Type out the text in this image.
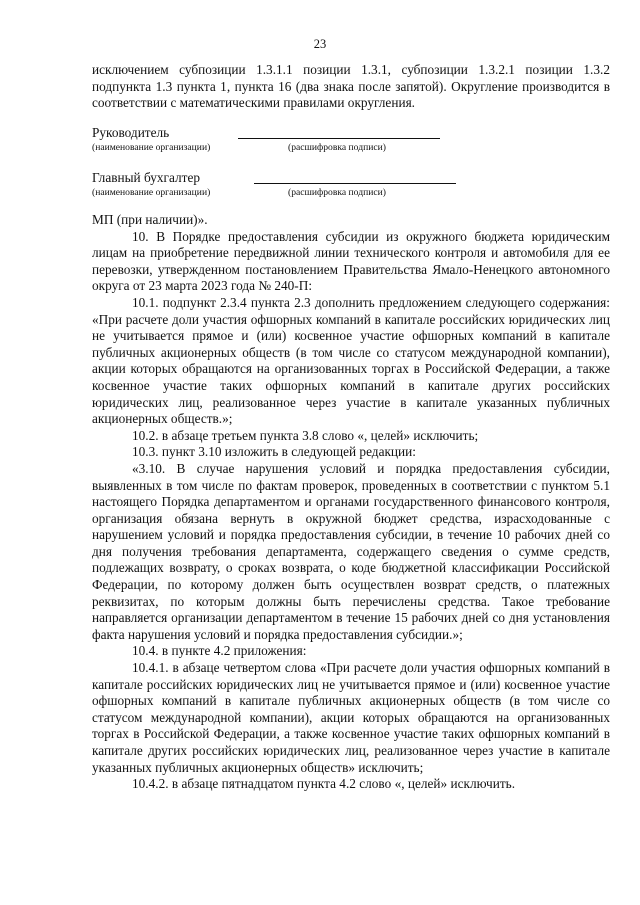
23

исключением субпозиции 1.3.1.1 позиции 1.3.1, субпозиции 1.3.2.1 позиции 1.3.2 подпункта 1.3 пункта 1, пункта 16 (два знака после запятой). Округление производится в соответствии с математическими правилами округления.

Руководитель
(наименование организации)	(расшифровка подписи)
Главный бухгалтер
(наименование организации)	(расшифровка подписи)

МП (при наличии)».

10. В Порядке предоставления субсидии из окружного бюджета юридическим лицам на приобретение передвижной линии технического контроля и автомобиля для ее перевозки, утвержденном постановлением Правительства Ямало-Ненецкого автономного округа от 23 марта 2023 года № 240-П:

10.1. подпункт 2.3.4 пункта 2.3 дополнить предложением следующего содержания: «При расчете доли участия офшорных компаний в капитале российских юридических лиц не учитывается прямое и (или) косвенное участие офшорных компаний в капитале публичных акционерных обществ (в том числе со статусом международной компании), акции которых обращаются на организованных торгах в Российской Федерации, а также косвенное участие таких офшорных компаний в капитале других российских юридических лиц, реализованное через участие в капитале указанных публичных акционерных обществ.»;

10.2. в абзаце третьем пункта 3.8 слово «, целей» исключить;

10.3. пункт 3.10 изложить в следующей редакции:

«3.10. В случае нарушения условий и порядка предоставления субсидии, выявленных в том числе по фактам проверок, проведенных в соответствии с пунктом 5.1 настоящего Порядка департаментом и органами государственного финансового контроля, организация обязана вернуть в окружной бюджет средства, израсходованные с нарушением условий и порядка предоставления субсидии, в течение 10 рабочих дней со дня получения требования департамента, содержащего сведения о сумме средств, подлежащих возврату, о сроках возврата, о коде бюджетной классификации Российской Федерации, по которому должен быть осуществлен возврат средств, о платежных реквизитах, по которым должны быть перечислены средства. Такое требование направляется организации департаментом в течение 15 рабочих дней со дня установления факта нарушения условий и порядка предоставления субсидии.»;

10.4. в пункте 4.2 приложения:

10.4.1. в абзаце четвертом слова «При расчете доли участия офшорных компаний в капитале российских юридических лиц не учитывается прямое и (или) косвенное участие офшорных компаний в капитале публичных акционерных обществ (в том числе со статусом международной компании), акции которых обращаются на организованных торгах в Российской Федерации, а также косвенное участие таких офшорных компаний в капитале других российских юридических лиц, реализованное через участие в капитале указанных публичных акционерных обществ» исключить;

10.4.2. в абзаце пятнадцатом пункта 4.2 слово «, целей» исключить.
